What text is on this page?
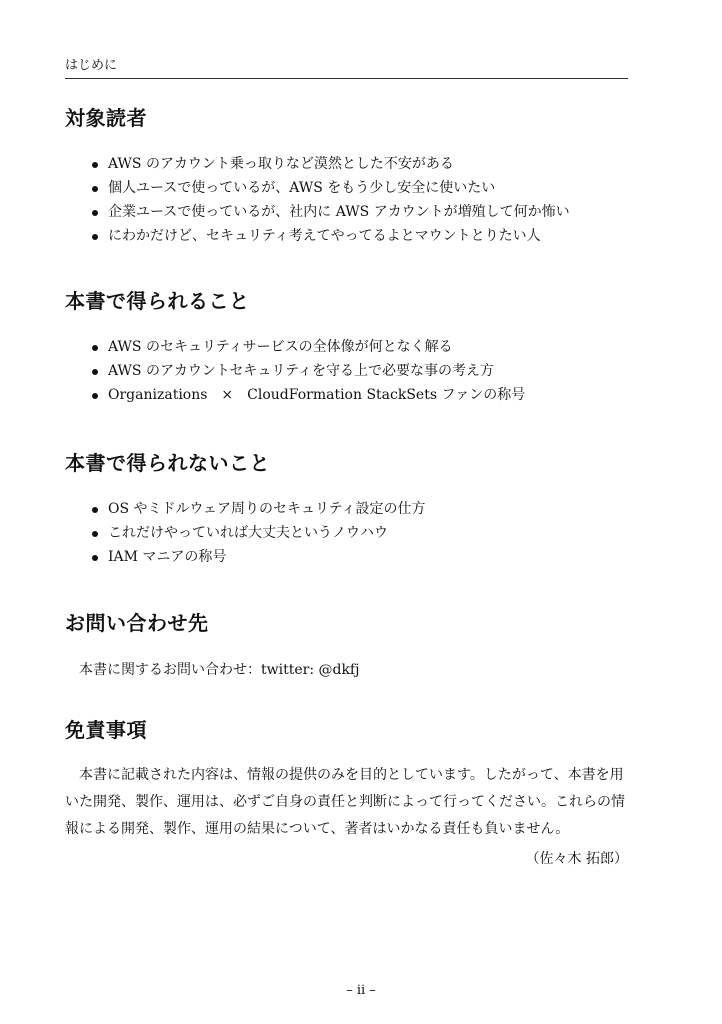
はじめに
対象読者
AWS のアカウント乗っ取りなど漠然とした不安がある
個人ユースで使っているが、AWS をもう少し安全に使いたい
企業ユースで使っているが、社内に AWS アカウントが増殖して何か怖い
にわかだけど、セキュリティ考えてやってるよとマウントとりたい人
本書で得られること
AWS のセキュリティサービスの全体像が何となく解る
AWS のアカウントセキュリティを守る上で必要な事の考え方
Organizations　×　CloudFormation StackSets ファンの称号
本書で得られないこと
OS やミドルウェア周りのセキュリティ設定の仕方
これだけやっていれば大丈夫というノウハウ
IAM マニアの称号
お問い合わせ先

本書に関するお問い合わせ：twitter: @dkfj

免責事項

本書に記載された内容は、情報の提供のみを目的としています。したがって、本書を用いた開発、製作、運用は、必ずご自身の責任と判断によって行ってください。これらの情報による開発、製作、運用の結果について、著者はいかなる責任も負いません。

（佐々木 拓郎）

– ii –
